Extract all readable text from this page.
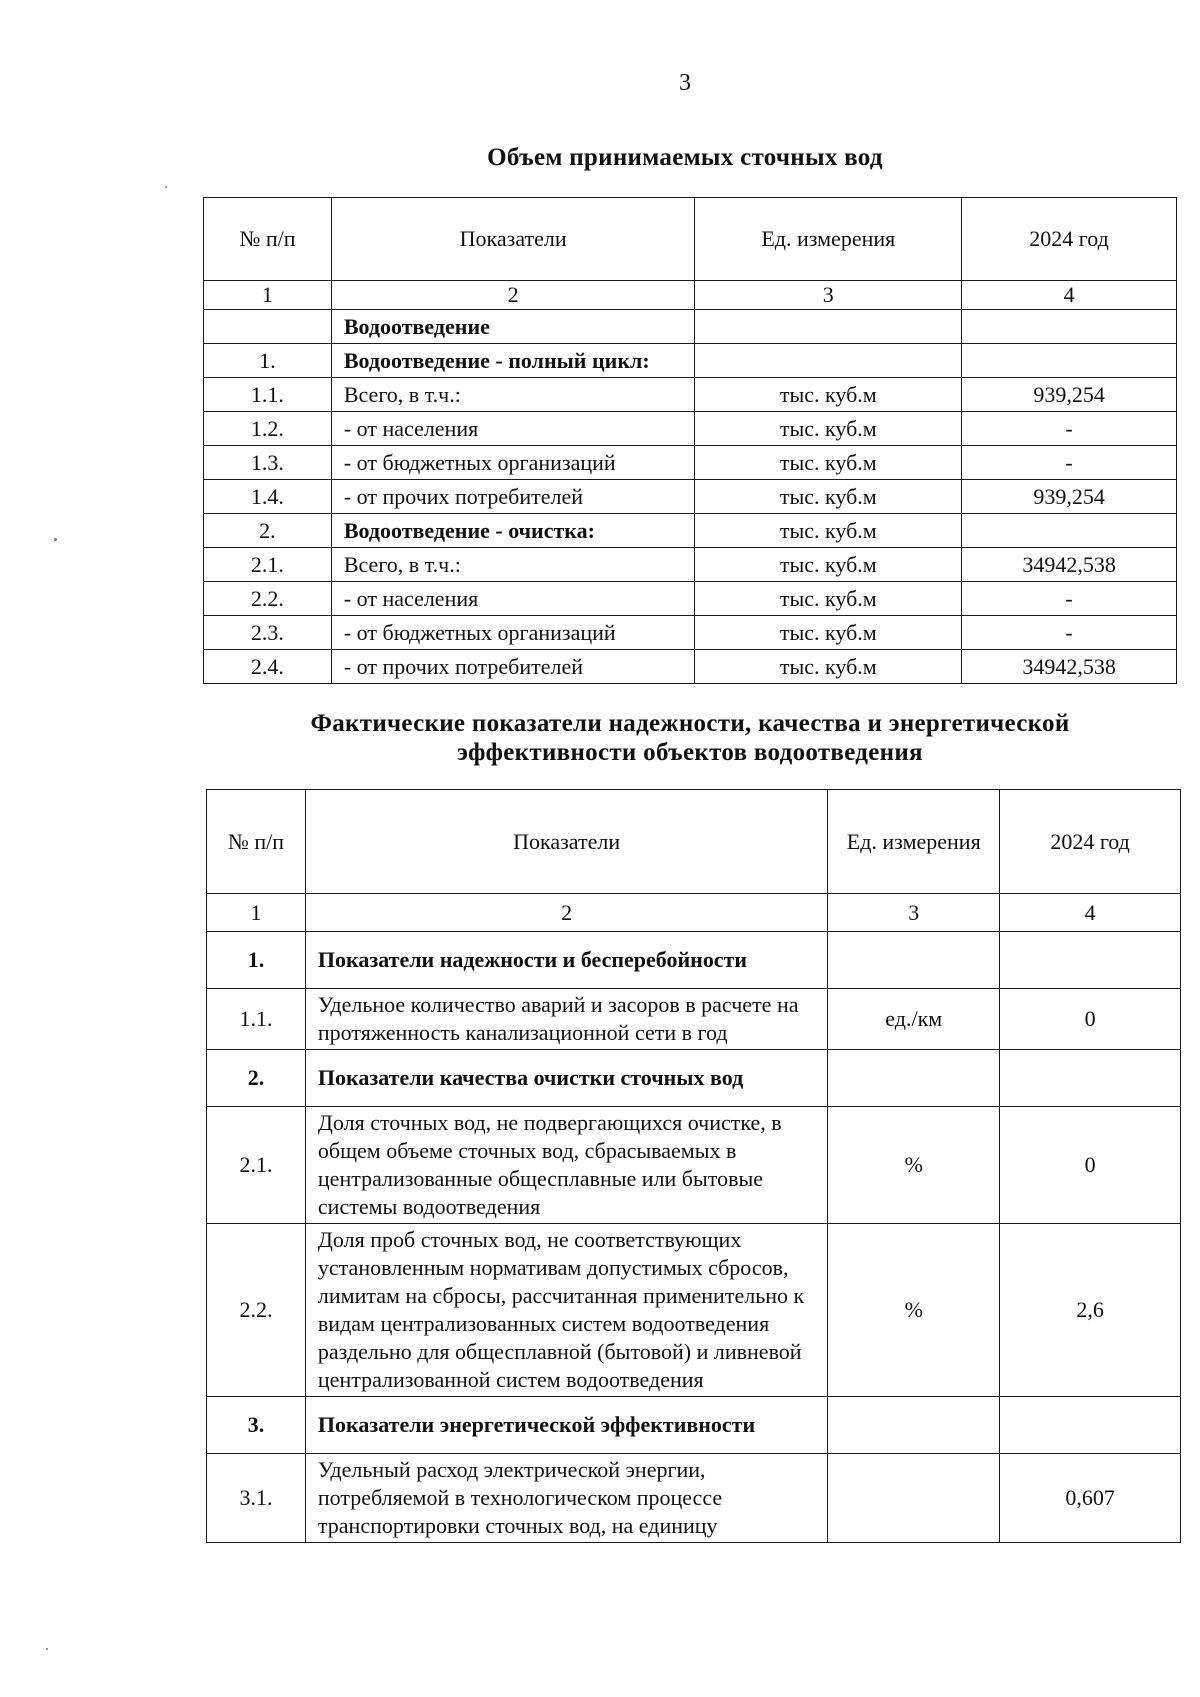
3
Объем принимаемых сточных вод
№ п/п	Показатели	Ед. измерения	2024 год
1	2	3	4
	Водоотведение		
1.	Водоотведение - полный цикл:		
1.1.	Всего, в т.ч.:	тыс. куб.м	939,254
1.2.	- от населения	тыс. куб.м	-
1.3.	- от бюджетных организаций	тыс. куб.м	-
1.4.	- от прочих потребителей	тыс. куб.м	939,254
2.	Водоотведение - очистка:	тыс. куб.м	
2.1.	Всего, в т.ч.:	тыс. куб.м	34942,538
2.2.	- от населения	тыс. куб.м	-
2.3.	- от бюджетных организаций	тыс. куб.м	-
2.4.	- от прочих потребителей	тыс. куб.м	34942,538
Фактические показатели надежности, качества и энергетической
эффективности объектов водоотведения
№ п/п	Показатели	Ед. измерения	2024 год
1	2	3	4
1.	Показатели надежности и бесперебойности		
1.1.	Удельное количество аварий и засоров в расчете на протяженность канализационной сети в год	ед./км	0
2.	Показатели качества очистки сточных вод		
2.1.	Доля сточных вод, не подвергающихся очистке, в общем объеме сточных вод, сбрасываемых в централизованные общесплавные или бытовые системы водоотведения	%	0
2.2.	Доля проб сточных вод, не соответствующих установленным нормативам допустимых сбросов, лимитам на сбросы, рассчитанная применительно к видам централизованных систем водоотведения раздельно для общесплавной (бытовой) и ливневой централизованной систем водоотведения	%	2,6
3.	Показатели энергетической эффективности		
3.1.	Удельный расход электрической энергии, потребляемой в технологическом процессе транспортировки сточных вод, на единицу		0,607
